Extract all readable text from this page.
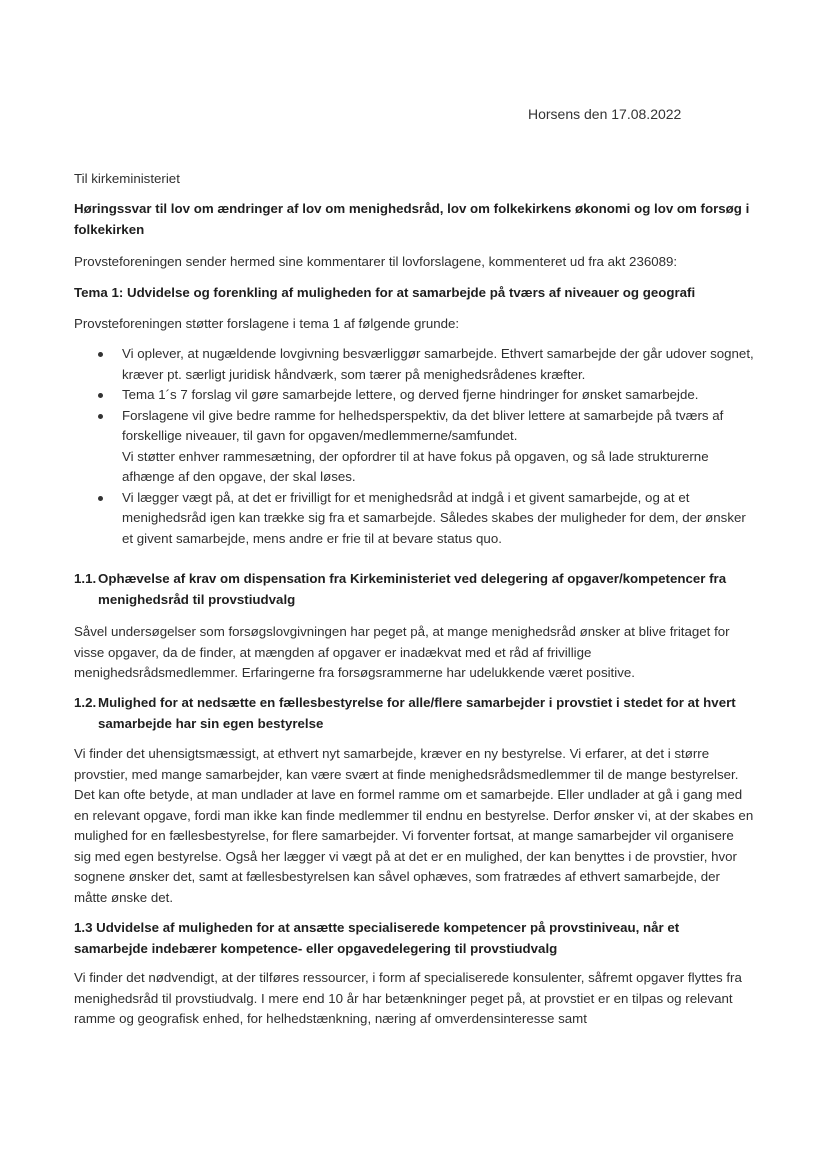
Horsens den 17.08.2022

Til kirkeministeriet

Høringssvar til lov om ændringer af lov om menighedsråd, lov om folkekirkens økonomi og lov om forsøg i folkekirken

Provsteforeningen sender hermed sine kommentarer til lovforslagene, kommenteret ud fra akt 236089:

Tema 1: Udvidelse og forenkling af muligheden for at samarbejde på tværs af niveauer og geografi

Provsteforeningen støtter forslagene i tema 1 af følgende grunde:

Vi oplever, at nugældende lovgivning besværliggør samarbejde. Ethvert samarbejde der går udover sognet, kræver pt. særligt juridisk håndværk, som tærer på menighedsrådenes kræfter.
Tema 1´s 7 forslag vil gøre samarbejde lettere, og derved fjerne hindringer for ønsket samarbejde.
Forslagene vil give bedre ramme for helhedsperspektiv, da det bliver lettere at samarbejde på tværs af forskellige niveauer, til gavn for opgaven/medlemmerne/samfundet.
Vi støtter enhver rammesætning, der opfordrer til at have fokus på opgaven, og så lade strukturerne afhænge af den opgave, der skal løses.
Vi lægger vægt på, at det er frivilligt for et menighedsråd at indgå i et givent samarbejde, og at et menighedsråd igen kan trække sig fra et samarbejde. Således skabes der muligheder for dem, der ønsker et givent samarbejde, mens andre er frie til at bevare status quo.

1.1. Ophævelse af krav om dispensation fra Kirkeministeriet ved delegering af opgaver/kompetencer fra menighedsråd til provstiudvalg

Såvel undersøgelser som forsøgslovgivningen har peget på, at mange menighedsråd ønsker at blive fritaget for visse opgaver, da de finder, at mængden af opgaver er inadækvat med et råd af frivillige menighedsrådsmedlemmer. Erfaringerne fra forsøgsrammerne har udelukkende været positive.

1.2. Mulighed for at nedsætte en fællesbestyrelse for alle/flere samarbejder i provstiet i stedet for at hvert samarbejde har sin egen bestyrelse

Vi finder det uhensigtsmæssigt, at ethvert nyt samarbejde, kræver en ny bestyrelse. Vi erfarer, at det i større provstier, med mange samarbejder, kan være svært at finde menighedsrådsmedlemmer til de mange bestyrelser. Det kan ofte betyde, at man undlader at lave en formel ramme om et samarbejde. Eller undlader at gå i gang med en relevant opgave, fordi man ikke kan finde medlemmer til endnu en bestyrelse. Derfor ønsker vi, at der skabes en mulighed for en fællesbestyrelse, for flere samarbejder. Vi forventer fortsat, at mange samarbejder vil organisere sig med egen bestyrelse. Også her lægger vi vægt på at det er en mulighed, der kan benyttes i de provstier, hvor sognene ønsker det, samt at fællesbestyrelsen kan såvel ophæves, som fratrædes af ethvert samarbejde, der måtte ønske det.

1.3 Udvidelse af muligheden for at ansætte specialiserede kompetencer på provstiniveau, når et samarbejde indebærer kompetence- eller opgavedelegering til provstiudvalg

Vi finder det nødvendigt, at der tilføres ressourcer, i form af specialiserede konsulenter, såfremt opgaver flyttes fra menighedsråd til provstiudvalg. I mere end 10 år har betænkninger peget på, at provstiet er en tilpas og relevant ramme og geografisk enhed, for helhedstænkning, næring af omverdensinteresse samt
